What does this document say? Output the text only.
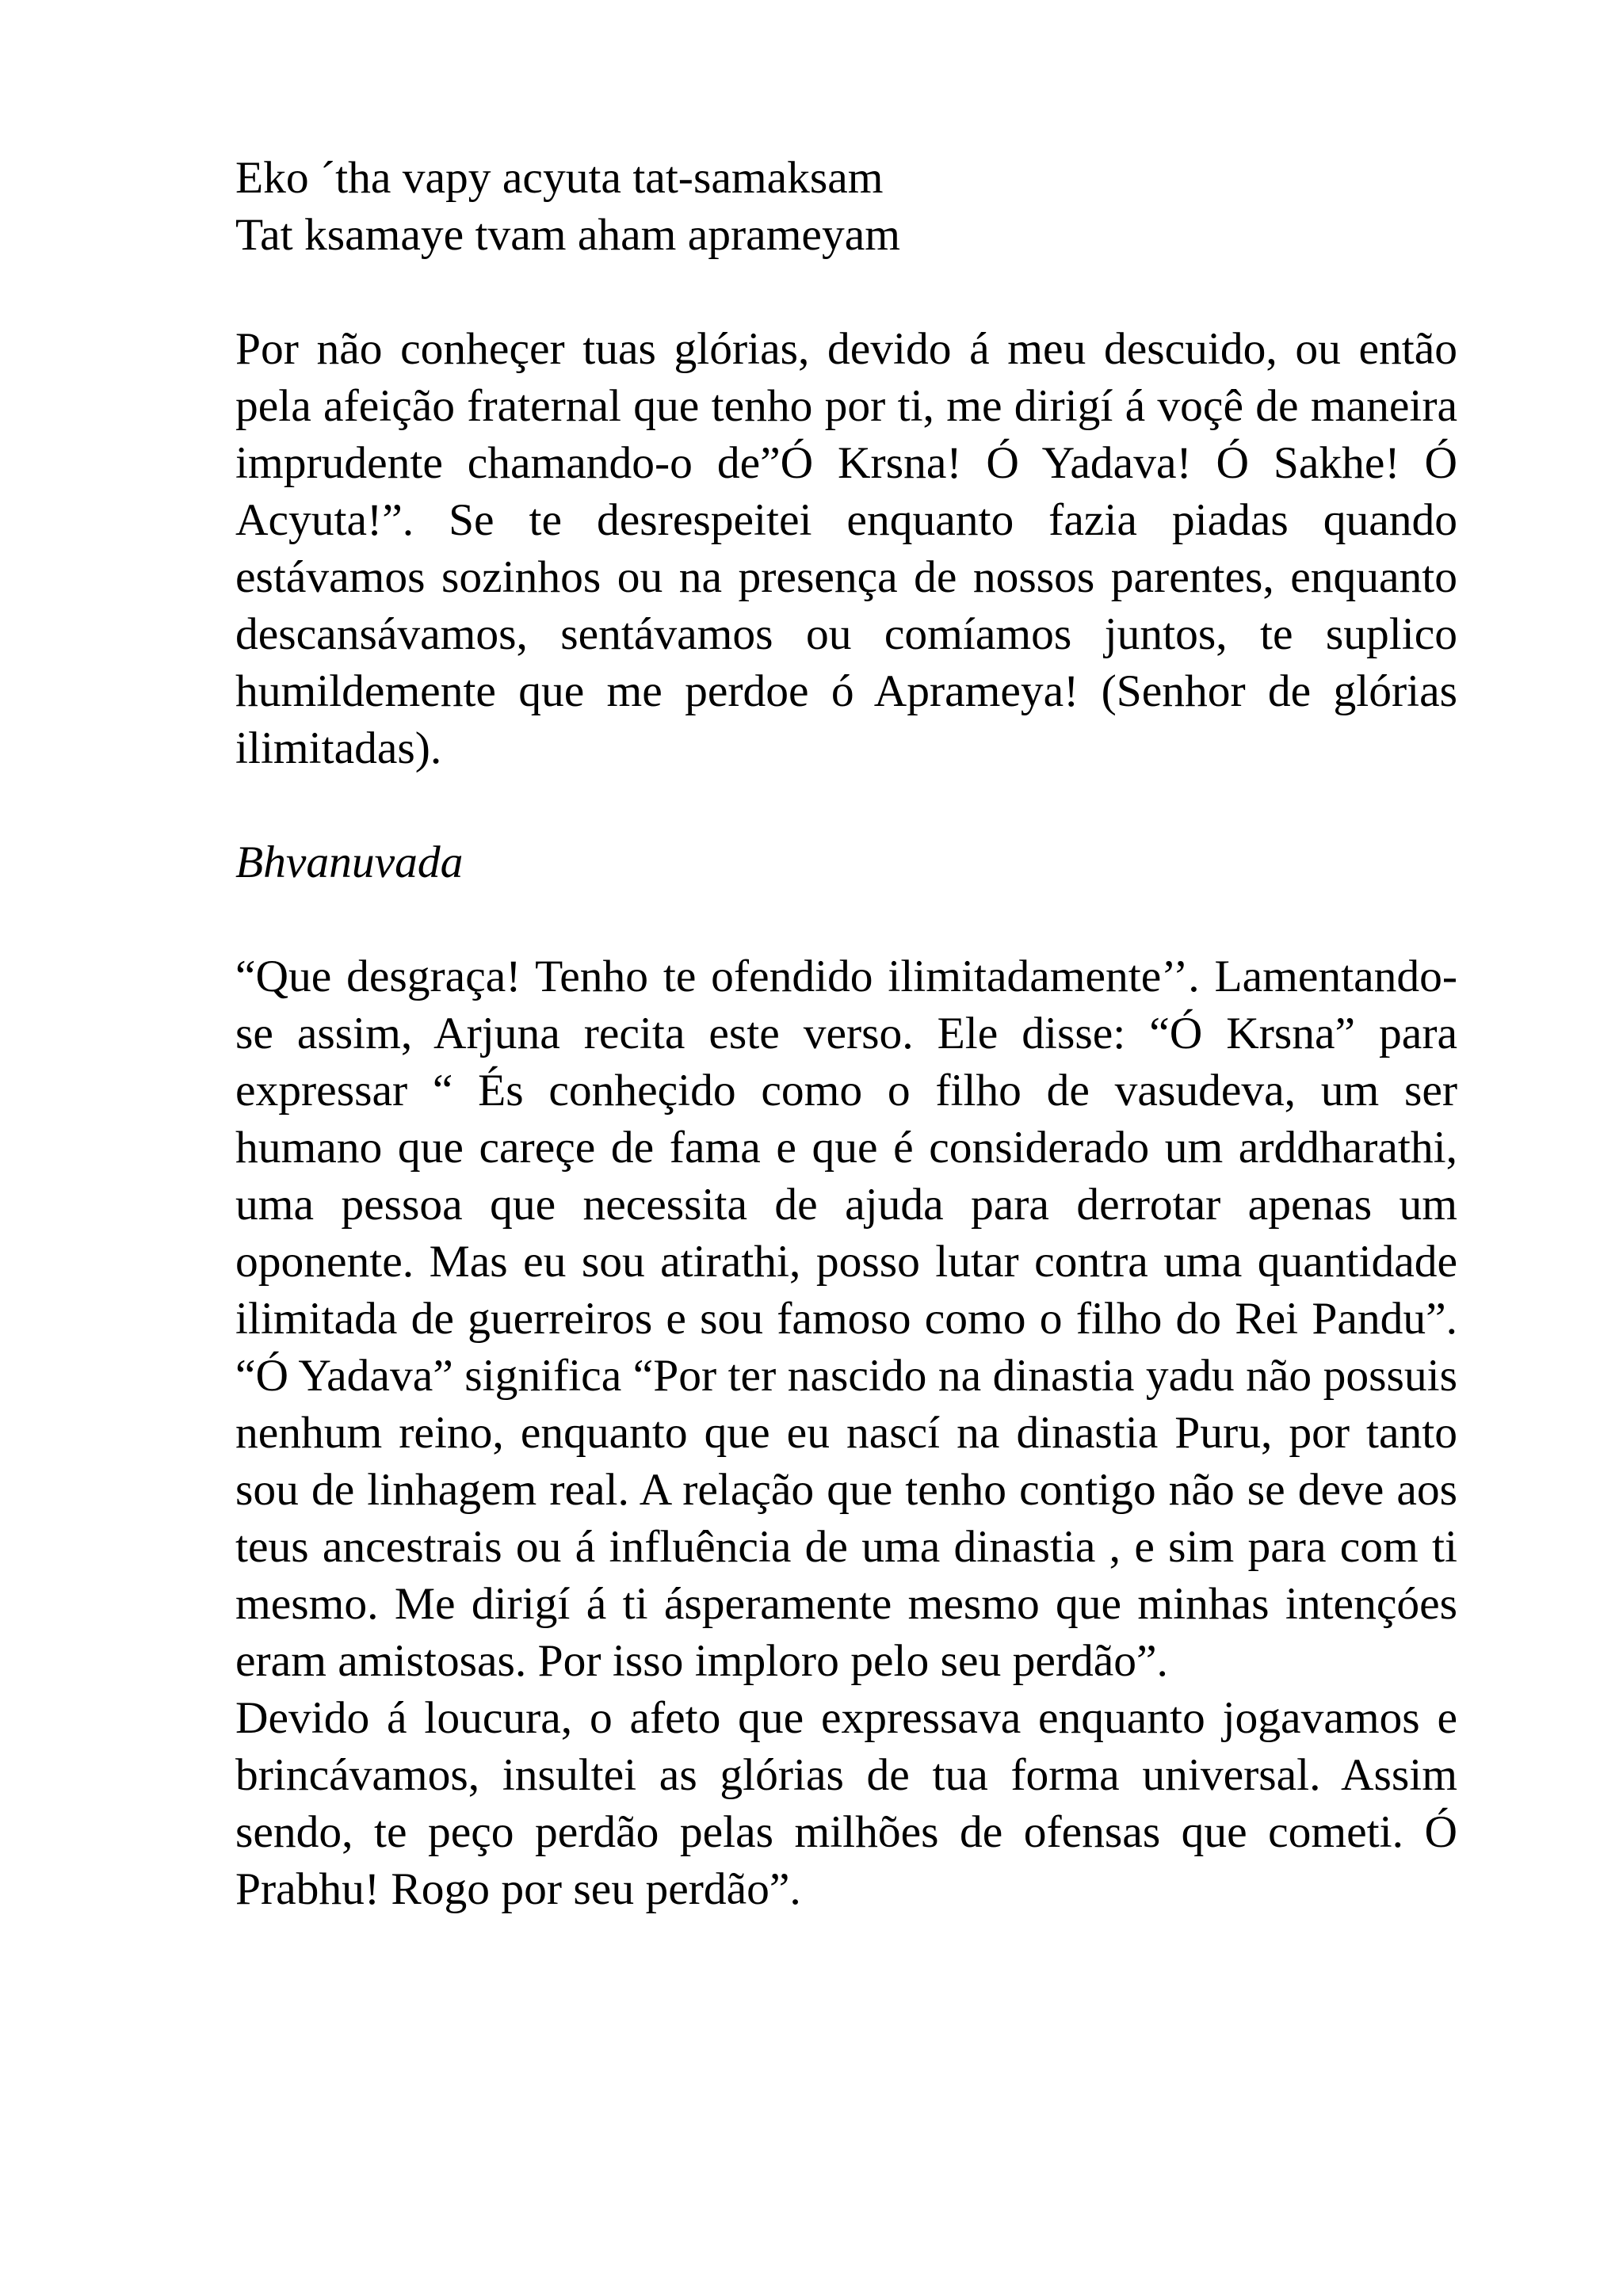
Eko ´tha vapy acyuta tat-samaksam
Tat ksamaye tvam aham aprameyam

Por não conheçer tuas glórias, devido á meu descuido, ou então pela afeição fraternal que tenho por ti, me dirigí á voçê de maneira imprudente chamando-o de”Ó Krsna! Ó Yadava! Ó Sakhe! Ó Acyuta!”. Se te desrespeitei enquanto fazia piadas quando estávamos sozinhos ou na presença de nossos parentes, enquanto descansávamos, sentávamos ou comíamos juntos, te suplico humildemente que me perdoe ó Aprameya! (Senhor de glórias ilimitadas).

Bhvanuvada

“Que desgraça! Tenho te ofendido ilimitadamente’’. Lamentando-se assim, Arjuna recita este verso. Ele disse: “Ó Krsna” para expressar “ És conheçido como o filho de vasudeva, um ser humano que careçe de fama e que é considerado um arddharathi, uma pessoa que necessita de ajuda para derrotar apenas um oponente. Mas eu sou atirathi, posso lutar contra uma quantidade ilimitada de guerreiros e sou famoso como o filho do Rei Pandu”. “Ó Yadava” significa “Por ter nascido na dinastia yadu não possuis nenhum reino, enquanto que eu nascí na dinastia Puru, por tanto sou de linhagem real. A relação que tenho contigo não se deve aos teus ancestrais ou á influência de uma dinastia , e sim para com ti mesmo. Me dirigí á ti ásperamente mesmo que minhas intençóes eram amistosas. Por isso imploro pelo seu perdão”.

Devido á loucura, o afeto que expressava enquanto jogavamos e brincávamos, insultei as glórias de tua forma universal. Assim sendo, te peço perdão pelas milhões de ofensas que cometi. Ó Prabhu! Rogo por seu perdão”.
